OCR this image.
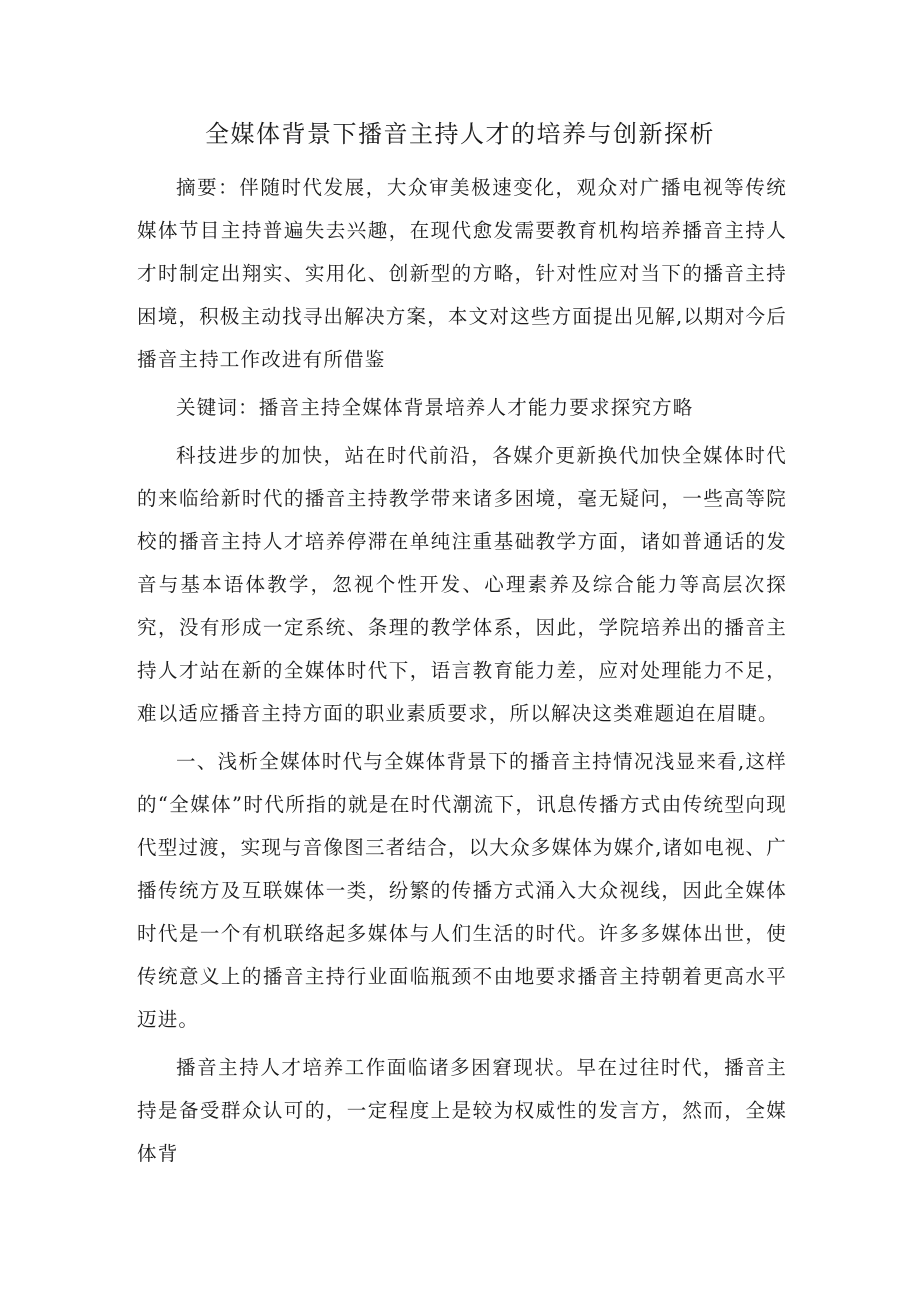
全媒体背景下播音主持人才的培养与创新探析

摘要：伴随时代发展，大众审美极速变化，观众对广播电视等传统媒体节目主持普遍失去兴趣，在现代愈发需要教育机构培养播音主持人才时制定出翔实、实用化、创新型的方略，针对性应对当下的播音主持困境，积极主动找寻出解决方案，本文对这些方面提出见解,以期对今后播音主持工作改进有所借鉴

关键词：播音主持全媒体背景培养人才能力要求探究方略

科技进步的加快，站在时代前沿，各媒介更新换代加快全媒体时代的来临给新时代的播音主持教学带来诸多困境，毫无疑问，一些高等院校的播音主持人才培养停滞在单纯注重基础教学方面，诸如普通话的发音与基本语体教学，忽视个性开发、心理素养及综合能力等高层次探究，没有形成一定系统、条理的教学体系，因此，学院培养出的播音主持人才站在新的全媒体时代下，语言教育能力差，应对处理能力不足，难以适应播音主持方面的职业素质要求，所以解决这类难题迫在眉睫。

一、浅析全媒体时代与全媒体背景下的播音主持情况浅显来看,这样的“全媒体”时代所指的就是在时代潮流下，讯息传播方式由传统型向现代型过渡，实现与音像图三者结合，以大众多媒体为媒介,诸如电视、广播传统方及互联媒体一类，纷繁的传播方式涌入大众视线，因此全媒体时代是一个有机联络起多媒体与人们生活的时代。许多多媒体出世，使传统意义上的播音主持行业面临瓶颈不由地要求播音主持朝着更高水平迈进。

播音主持人才培养工作面临诸多困窘现状。早在过往时代，播音主持是备受群众认可的，一定程度上是较为权威性的发言方，然而，全媒体背
